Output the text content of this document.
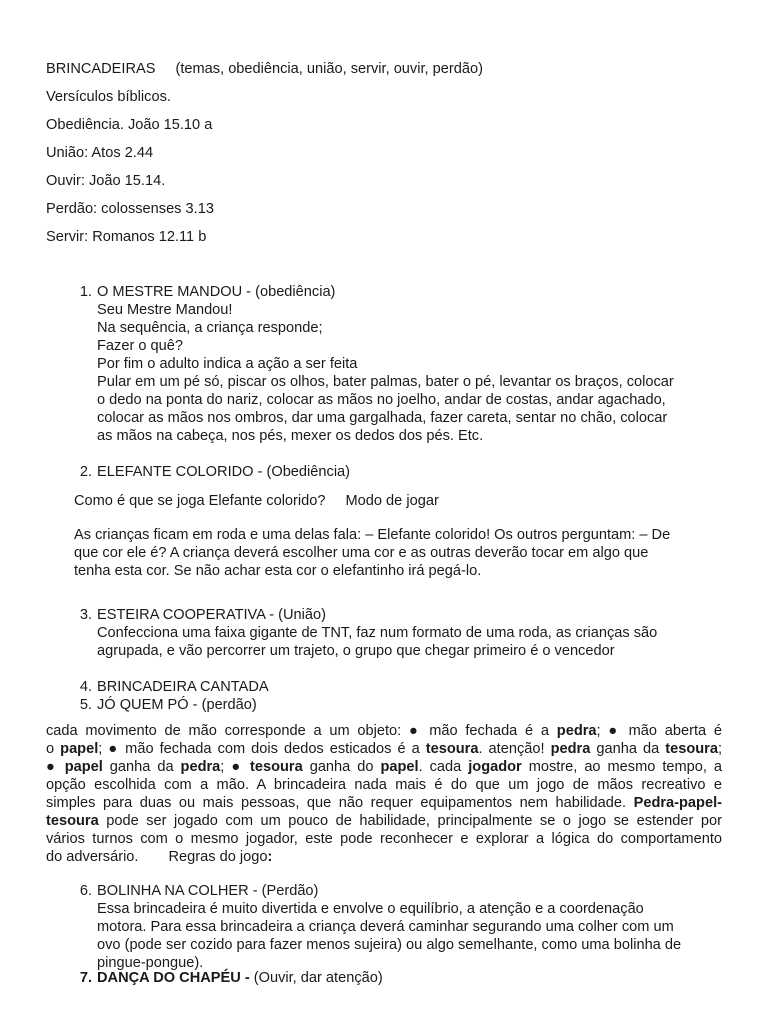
BRINCADEIRAS (temas, obediência, união, servir, ouvir, perdão)
Versículos bíblicos.
Obediência. João 15.10 a
União: Atos 2.44
Ouvir: João 15.14.
Perdão: colossenses 3.13
Servir: Romanos 12.11 b
1. O MESTRE MANDOU - (obediência)
Seu Mestre Mandou!
Na sequência, a criança responde;
Fazer o quê?
Por fim o adulto indica a ação a ser feita
Pular em um pé só, piscar os olhos, bater palmas, bater o pé, levantar os braços, colocar
o dedo na ponta do nariz, colocar as mãos no joelho, andar de costas, andar agachado,
colocar as mãos nos ombros, dar uma gargalhada, fazer careta, sentar no chão, colocar
as mãos na cabeça, nos pés, mexer os dedos dos pés. Etc.
2. ELEFANTE COLORIDO - (Obediência)
Como é que se joga Elefante colorido? Modo de jogar
As crianças ficam em roda e uma delas fala: – Elefante colorido! Os outros perguntam: – De
que cor ele é? A criança deverá escolher uma cor e as outras deverão tocar em algo que
tenha esta cor. Se não achar esta cor o elefantinho irá pegá-lo.
3. ESTEIRA COOPERATIVA - (União)
Confecciona uma faixa gigante de TNT, faz num formato de uma roda, as crianças são
agrupada, e vão percorrer um trajeto, o grupo que chegar primeiro é o vencedor
4. BRINCADEIRA CANTADA
5. JÓ QUEM PÓ - (perdão)
cada movimento de mão corresponde a um objeto: ● mão fechada é a pedra; ● mão aberta é
o papel; ● mão fechada com dois dedos esticados é a tesoura. atenção! pedra ganha da tesoura;
● papel ganha da pedra; ● tesoura ganha do papel. cada jogador mostre, ao mesmo tempo, a
opção escolhida com a mão. A brincadeira nada mais é do que um jogo de mãos recreativo e
simples para duas ou mais pessoas, que não requer equipamentos nem habilidade. Pedra-papel-
tesoura pode ser jogado com um pouco de habilidade, principalmente se o jogo se estender por
vários turnos com o mesmo jogador, este pode reconhecer e explorar a lógica do comportamento
do adversário. Regras do jogo:
6. BOLINHA NA COLHER - (Perdão)
Essa brincadeira é muito divertida e envolve o equilíbrio, a atenção e a coordenação
motora. Para essa brincadeira a criança deverá caminhar segurando uma colher com um
ovo (pode ser cozido para fazer menos sujeira) ou algo semelhante, como uma bolinha de
pingue-pongue).
7. DANÇA DO CHAPÉU - (Ouvir, dar atenção)
